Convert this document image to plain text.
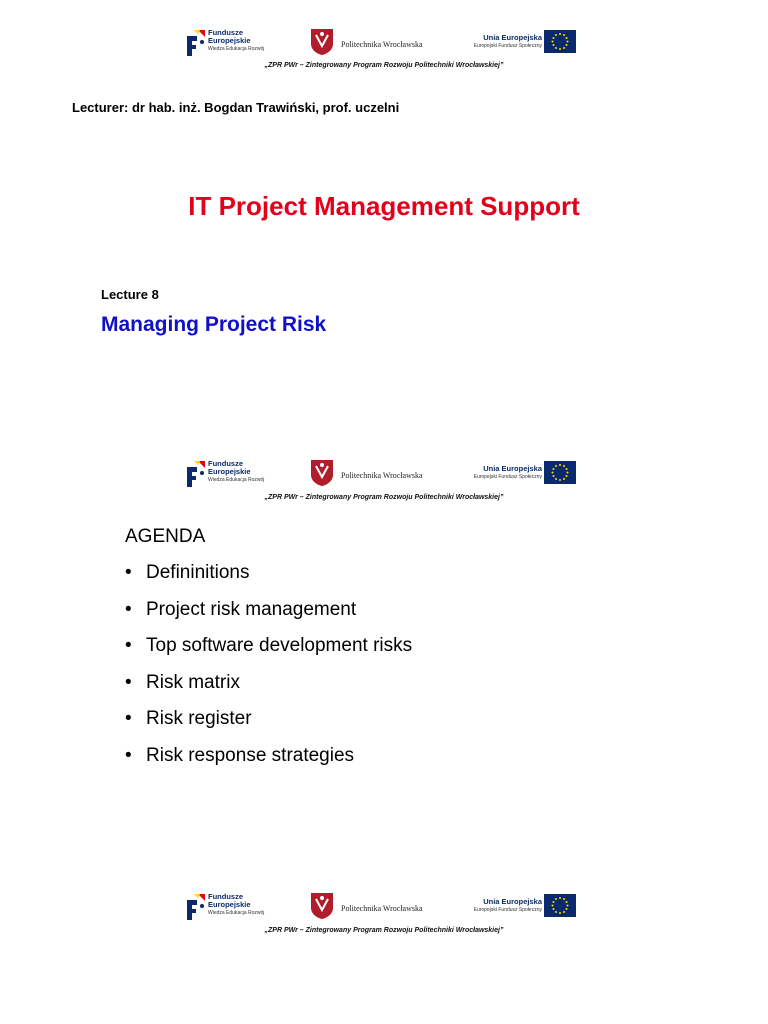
Fundusze
Europejskie
Wiedza Edukacja Rozwój	Politechnika Wrocławska
Unia Europejska
Europejski Fundusz Społeczny
„ZPR PWr – Zintegrowany Program Rozwoju Politechniki Wrocławskiej”
Lecturer: dr hab. inż. Bogdan Trawiński, prof. uczelni
IT Project Management Support
Lecture 8
Managing Project Risk
Fundusze
Europejskie
Wiedza Edukacja Rozwój	Politechnika Wrocławska
Unia Europejska
Europejski Fundusz Społeczny
„ZPR PWr – Zintegrowany Program Rozwoju Politechniki Wrocławskiej”
AGENDA
• Defininitions
• Project risk management
• Top software development risks
• Risk matrix
• Risk register
• Risk response strategies
Fundusze
Europejskie
Wiedza Edukacja Rozwój	Politechnika Wrocławska
Unia Europejska
Europejski Fundusz Społeczny
„ZPR PWr – Zintegrowany Program Rozwoju Politechniki Wrocławskiej”
